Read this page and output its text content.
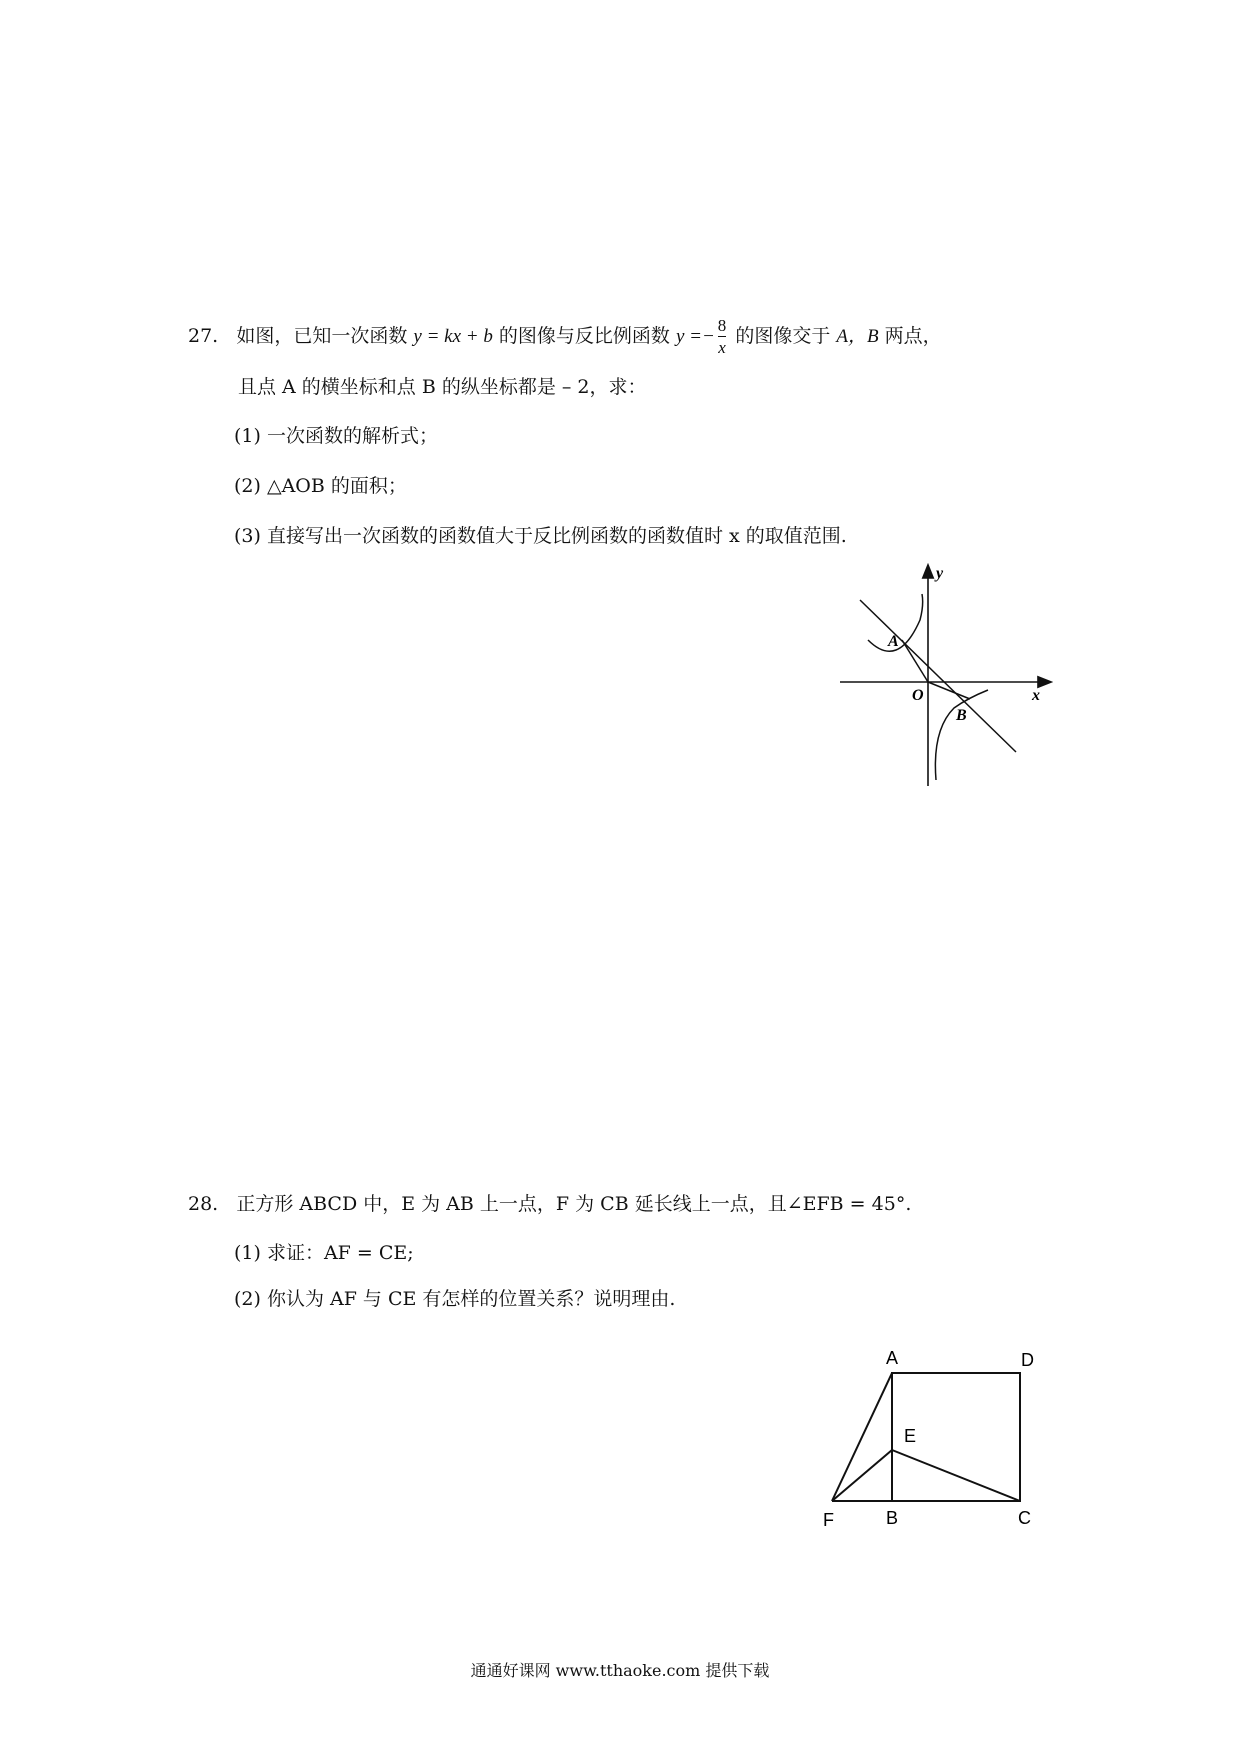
27. 如图，已知一次函数 y = kx + b 的图像与反比例函数 $y =- \frac{8}{x}$ 的图像交于 A，B 两点，
且点 A 的横坐标和点 B 的纵坐标都是 – 2，求：
(1) 一次函数的解析式；
(2) △AOB 的面积；
(3) 直接写出一次函数的函数值大于反比例函数的函数值时 x 的取值范围.
A
B
O	x
y
28. 正方形 ABCD 中，E 为 AB 上一点，F 为 CB 延长线上一点，且∠EFB = 45°.
(1) 求证：AF = CE;
(2) 你认为 AF 与 CE 有怎样的位置关系？说明理由.
A	D
E
F	B	C
通通好课网 www.tthaoke.com 提供下载
